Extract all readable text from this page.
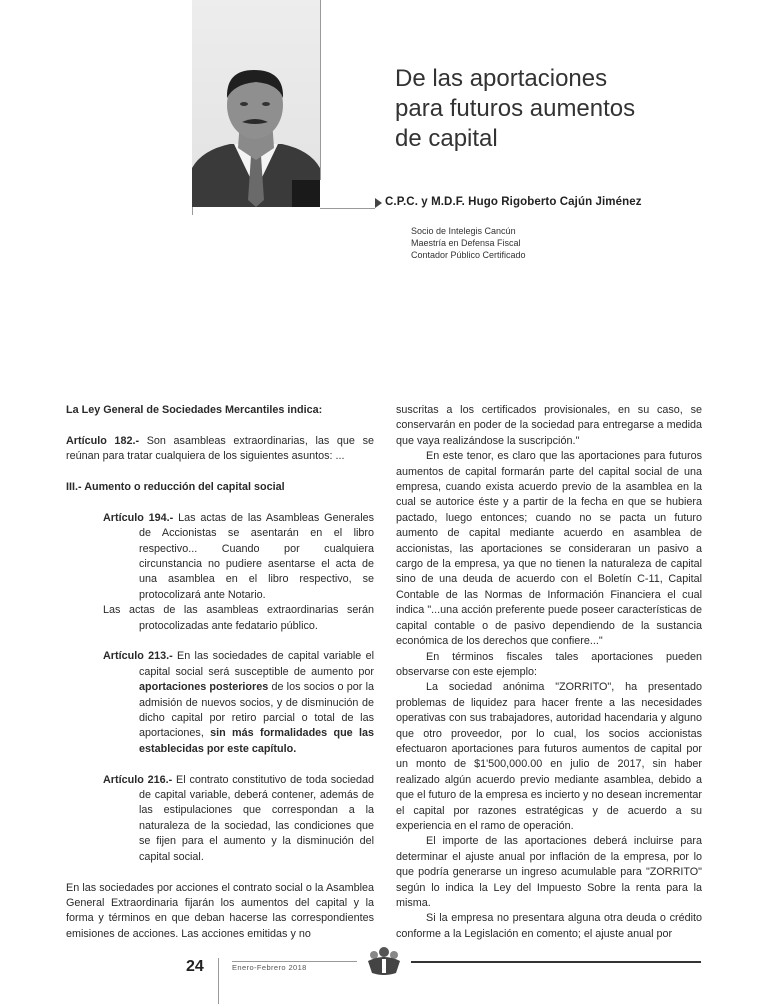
De las aportaciones
para futuros aumentos
de capital
C.P.C. y M.D.F. Hugo Rigoberto Cajún Jiménez
Socio de Intelegis Cancún
Maestría en Defensa Fiscal
Contador Público Certificado

La Ley General de Sociedades Mercantiles indica:

Artículo 182.- Son asambleas extraordinarias, las que se reúnan para tratar cualquiera de los siguientes asuntos: ...

III.- Aumento o reducción del capital social

Artículo 194.- Las actas de las Asambleas Generales de Accionistas se asentarán en el libro respectivo... Cuando por cualquiera circunstancia no pudiere asentarse el acta de una asamblea en el libro respectivo, se protocolizará ante Notario.

Las actas de las asambleas extraordinarias serán protocolizadas ante fedatario público.

Artículo 213.- En las sociedades de capital variable el capital social será susceptible de aumento por aportaciones posteriores de los socios o por la admisión de nuevos socios, y de disminución de dicho capital por retiro parcial o total de las aportaciones, sin más formalidades que las establecidas por este capítulo.

Artículo 216.- El contrato constitutivo de toda sociedad de capital variable, deberá contener, además de las estipulaciones que correspondan a la naturaleza de la sociedad, las condiciones que se fijen para el aumento y la disminución del capital social.

En las sociedades por acciones el contrato social o la Asamblea General Extraordinaria fijarán los aumentos del capital y la forma y términos en que deban hacerse las correspondientes emisiones de acciones. Las acciones emitidas y no

suscritas a los certificados provisionales, en su caso, se conservarán en poder de la sociedad para entregarse a medida que vaya realizándose la suscripción."

En este tenor, es claro que las aportaciones para futuros aumentos de capital formarán parte del capital social de una empresa, cuando exista acuerdo previo de la asamblea en la cual se autorice éste y a partir de la fecha en que se hubiera pactado, luego entonces; cuando no se pacta un futuro aumento de capital mediante acuerdo en asamblea de accionistas, las aportaciones se consideraran un pasivo a cargo de la empresa, ya que no tienen la naturaleza de capital sino de una deuda de acuerdo con el Boletín C-11, Capital Contable de las Normas de Información Financiera el cual indica "...una acción preferente puede poseer características de capital contable o de pasivo dependiendo de la sustancia económica de los derechos que confiere..."

En términos fiscales tales aportaciones pueden observarse con este ejemplo:

La sociedad anónima "ZORRITO", ha presentado problemas de liquidez para hacer frente a las necesidades operativas con sus trabajadores, autoridad hacendaria y alguno que otro proveedor, por lo cual, los socios accionistas efectuaron aportaciones para futuros aumentos de capital por un monto de $1'500,000.00 en julio de 2017, sin haber realizado algún acuerdo previo mediante asamblea, debido a que el futuro de la empresa es incierto y no desean incrementar el capital por razones estratégicas y de acuerdo a su experiencia en el ramo de operación.

El importe de las aportaciones deberá incluirse para determinar el ajuste anual por inflación de la empresa, por lo que podría generarse un ingreso acumulable para "ZORRITO" según lo indica la Ley del Impuesto Sobre la renta para la misma.

Si la empresa no presentara alguna otra deuda o crédito conforme a la Legislación en comento; el ajuste anual por

24	Enero-Febrero 2018
